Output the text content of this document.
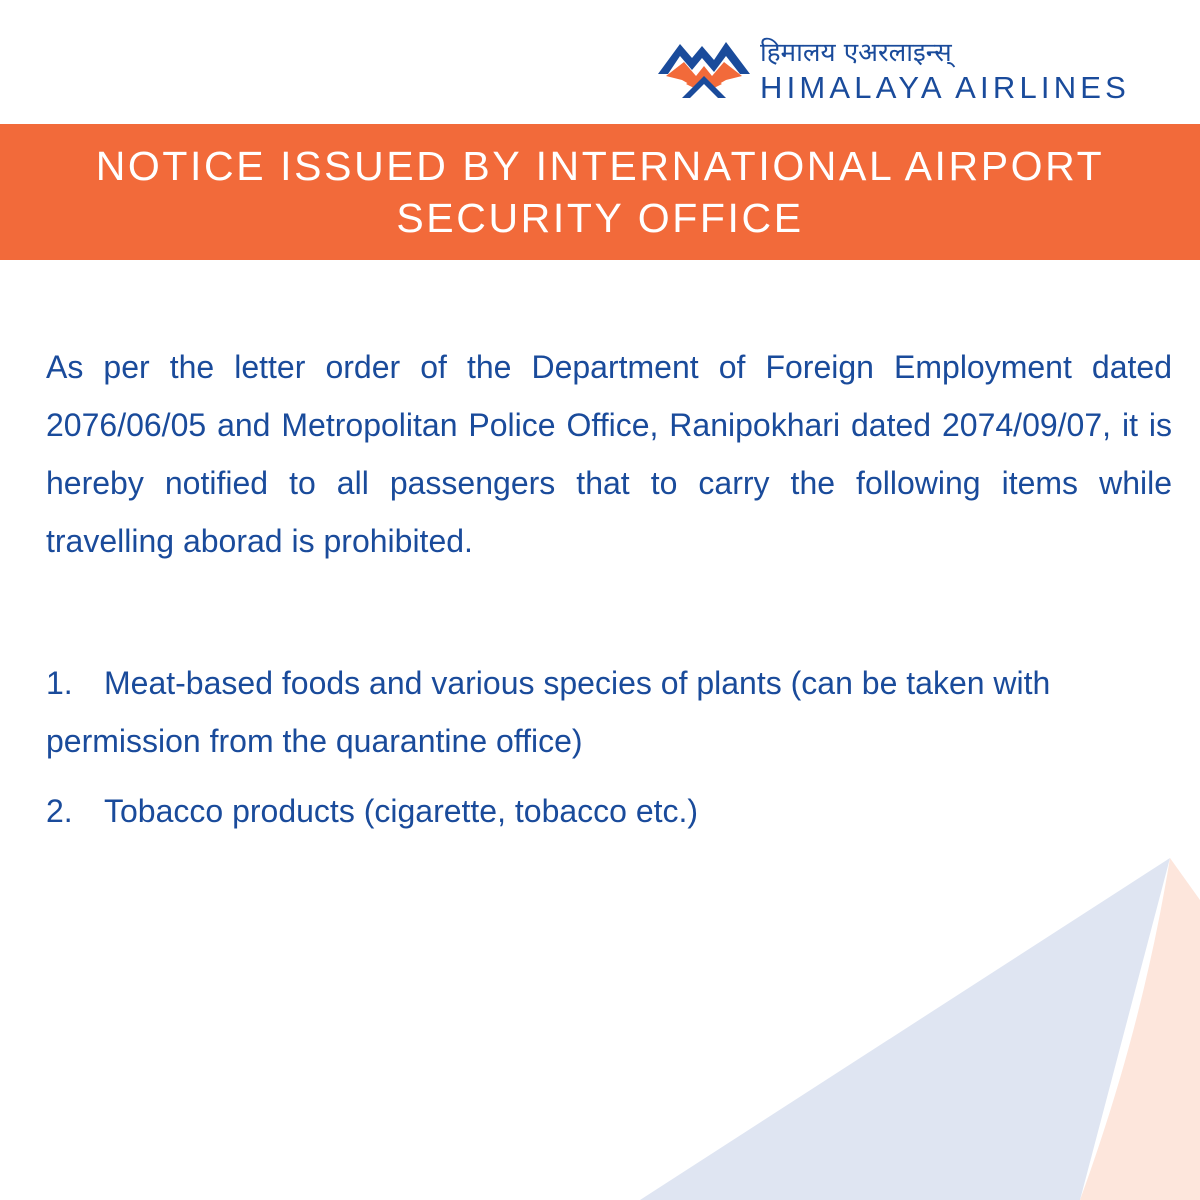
हिमालय एअरलाइन्स्
HIMALAYA AIRLINES
NOTICE ISSUED BY INTERNATIONAL AIRPORT
SECURITY OFFICE

As per the letter order of the Department of Foreign Employment dated 2076/06/05 and Metropolitan Police Office, Ranipokhari dated 2074/09/07, it is hereby notified to all passengers that to carry the following items while travelling aborad is prohibited.

1. Meat-based foods and various species of plants (can be taken with permission from the quarantine office)
2. Tobacco products (cigarette, tobacco etc.)
